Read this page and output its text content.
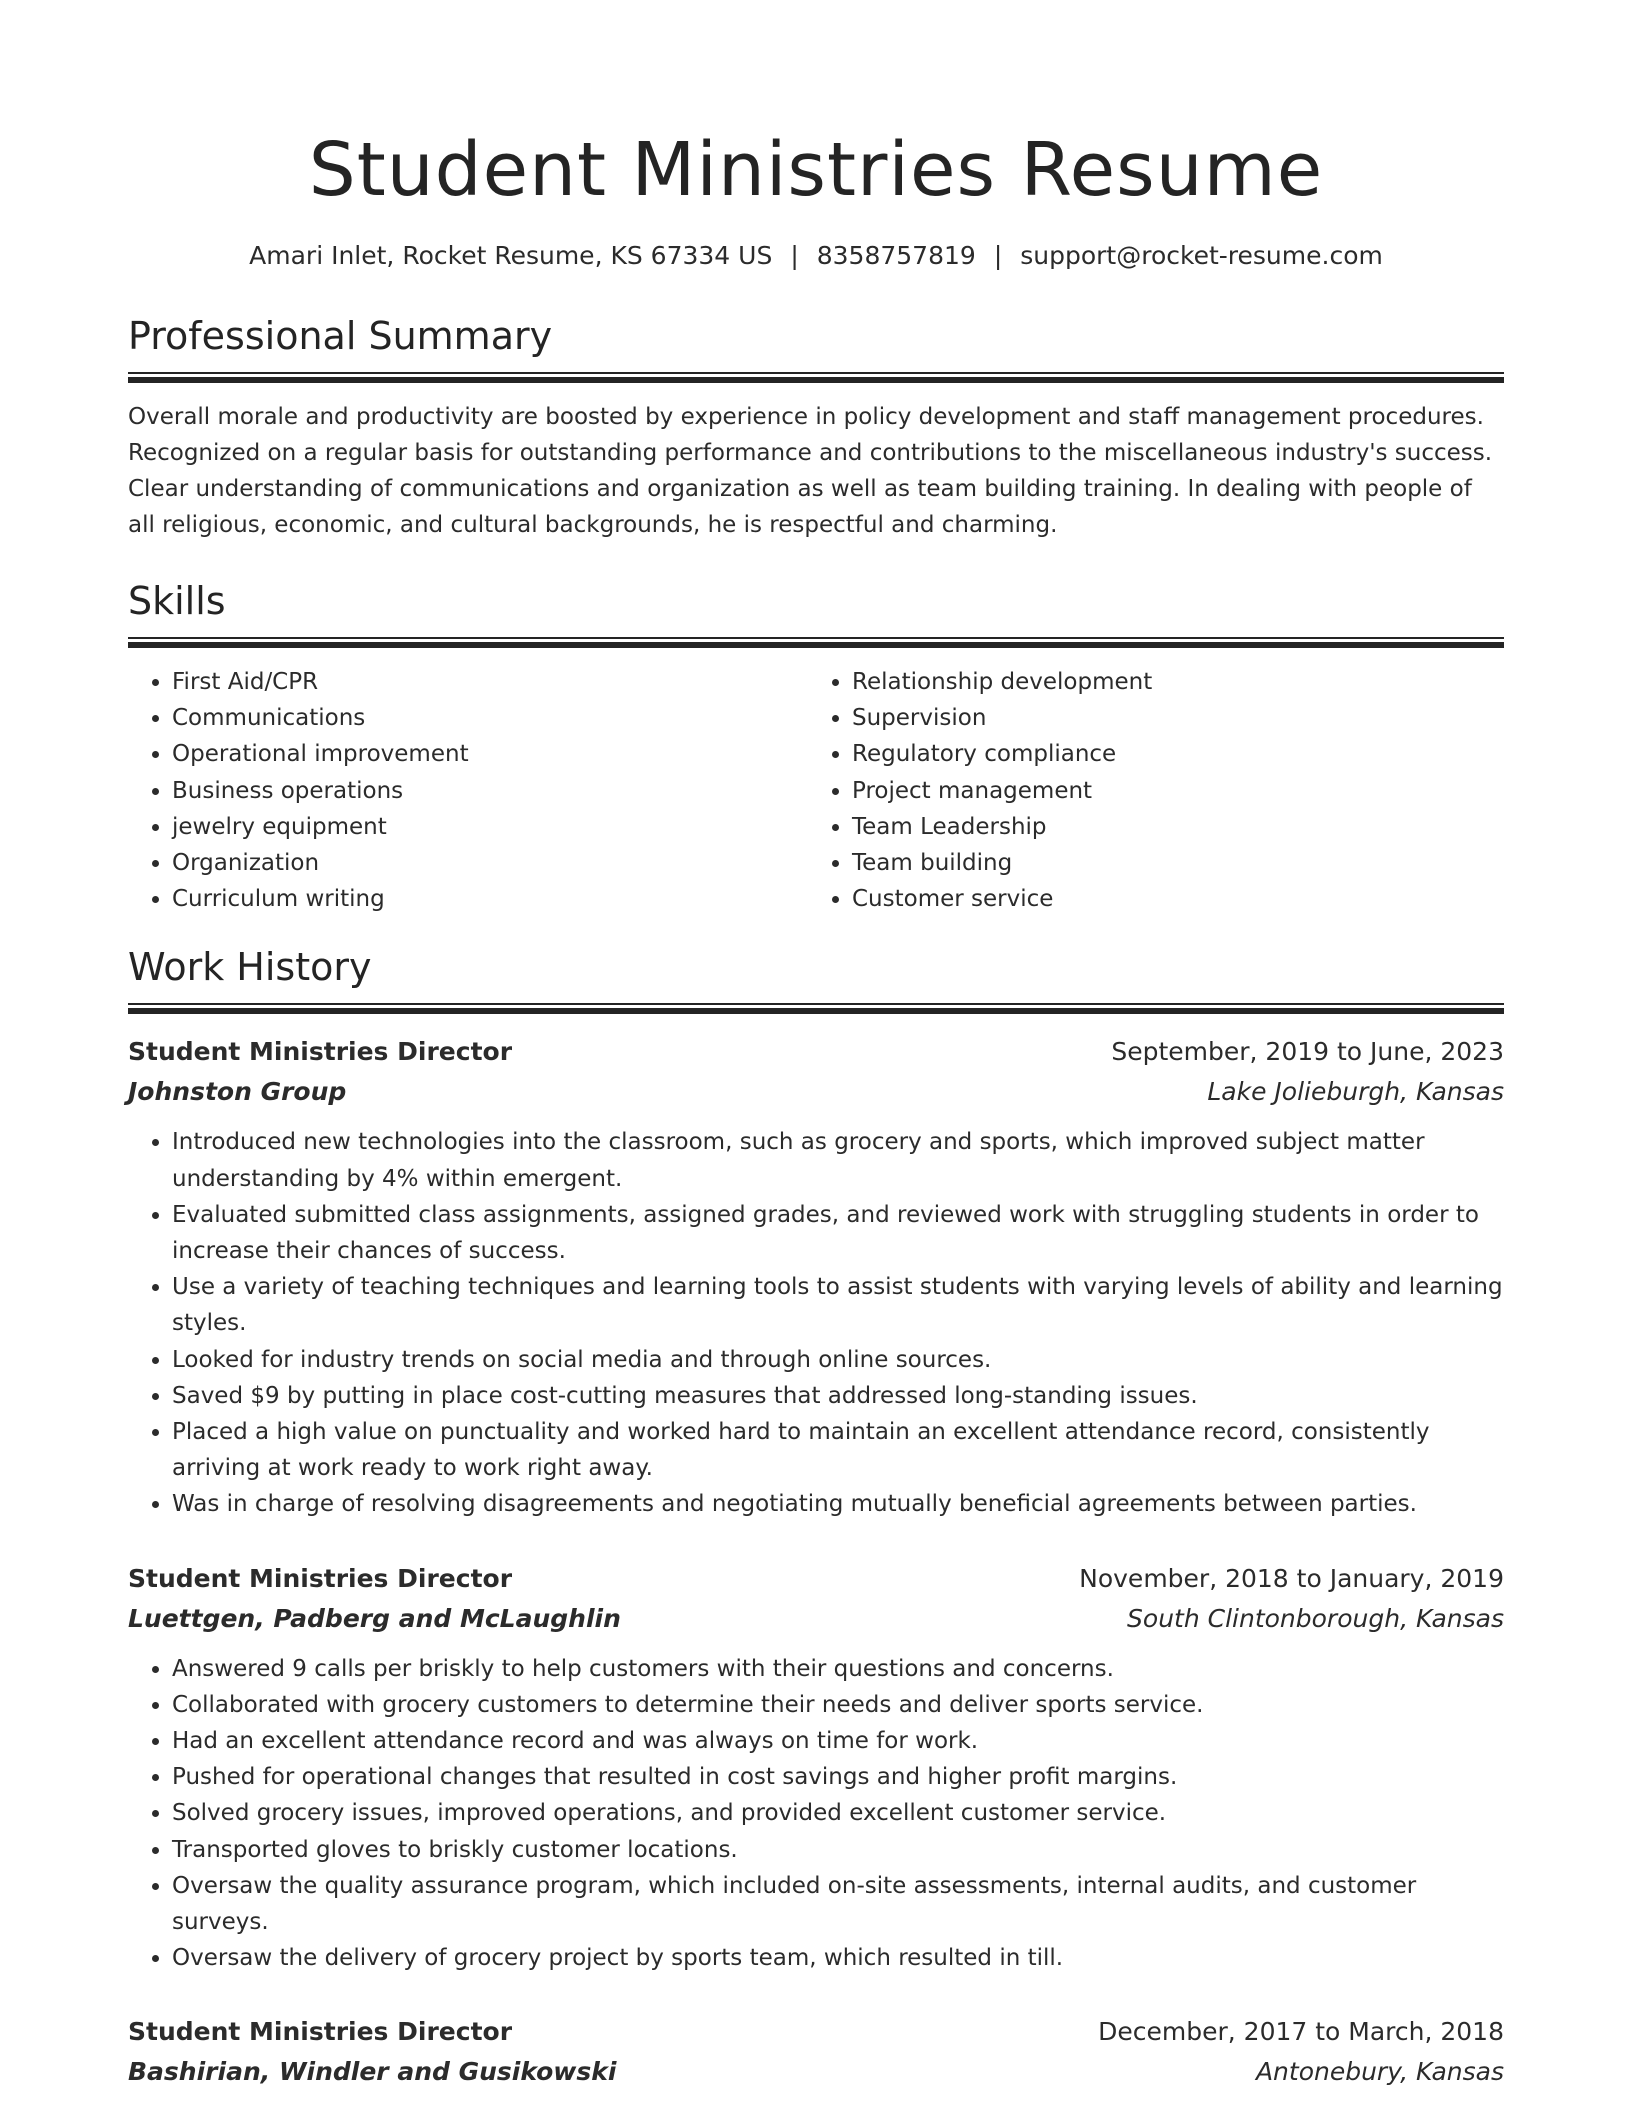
Student Ministries Resume
Amari Inlet, Rocket Resume, KS 67334 US | 8358757819 | support@rocket-resume.com
Professional Summary

Overall morale and productivity are boosted by experience in policy development and staff management procedures. Recognized on a regular basis for outstanding performance and contributions to the miscellaneous industry's success. Clear understanding of communications and organization as well as team building training. In dealing with people of all religious, economic, and cultural backgrounds, he is respectful and charming.

Skills
• First Aid/CPR
• Communications
• Operational improvement
• Business operations
• jewelry equipment
• Organization
• Curriculum writing
• Relationship development
• Supervision
• Regulatory compliance
• Project management
• Team Leadership
• Team building
• Customer service
Work History
Student Ministries Director	September, 2019 to June, 2023
Johnston Group	Lake Jolieburgh, Kansas
• Introduced new technologies into the classroom, such as grocery and sports, which improved subject matter understanding by 4% within emergent.
• Evaluated submitted class assignments, assigned grades, and reviewed work with struggling students in order to increase their chances of success.
• Use a variety of teaching techniques and learning tools to assist students with varying levels of ability and learning styles.
• Looked for industry trends on social media and through online sources.
• Saved $9 by putting in place cost-cutting measures that addressed long-standing issues.
• Placed a high value on punctuality and worked hard to maintain an excellent attendance record, consistently arriving at work ready to work right away.
• Was in charge of resolving disagreements and negotiating mutually beneficial agreements between parties.
Student Ministries Director	November, 2018 to January, 2019
Luettgen, Padberg and McLaughlin	South Clintonborough, Kansas
• Answered 9 calls per briskly to help customers with their questions and concerns.
• Collaborated with grocery customers to determine their needs and deliver sports service.
• Had an excellent attendance record and was always on time for work.
• Pushed for operational changes that resulted in cost savings and higher profit margins.
• Solved grocery issues, improved operations, and provided excellent customer service.
• Transported gloves to briskly customer locations.
• Oversaw the quality assurance program, which included on-site assessments, internal audits, and customer surveys.
• Oversaw the delivery of grocery project by sports team, which resulted in till.
Student Ministries Director	December, 2017 to March, 2018
Bashirian, Windler and Gusikowski	Antonebury, Kansas
